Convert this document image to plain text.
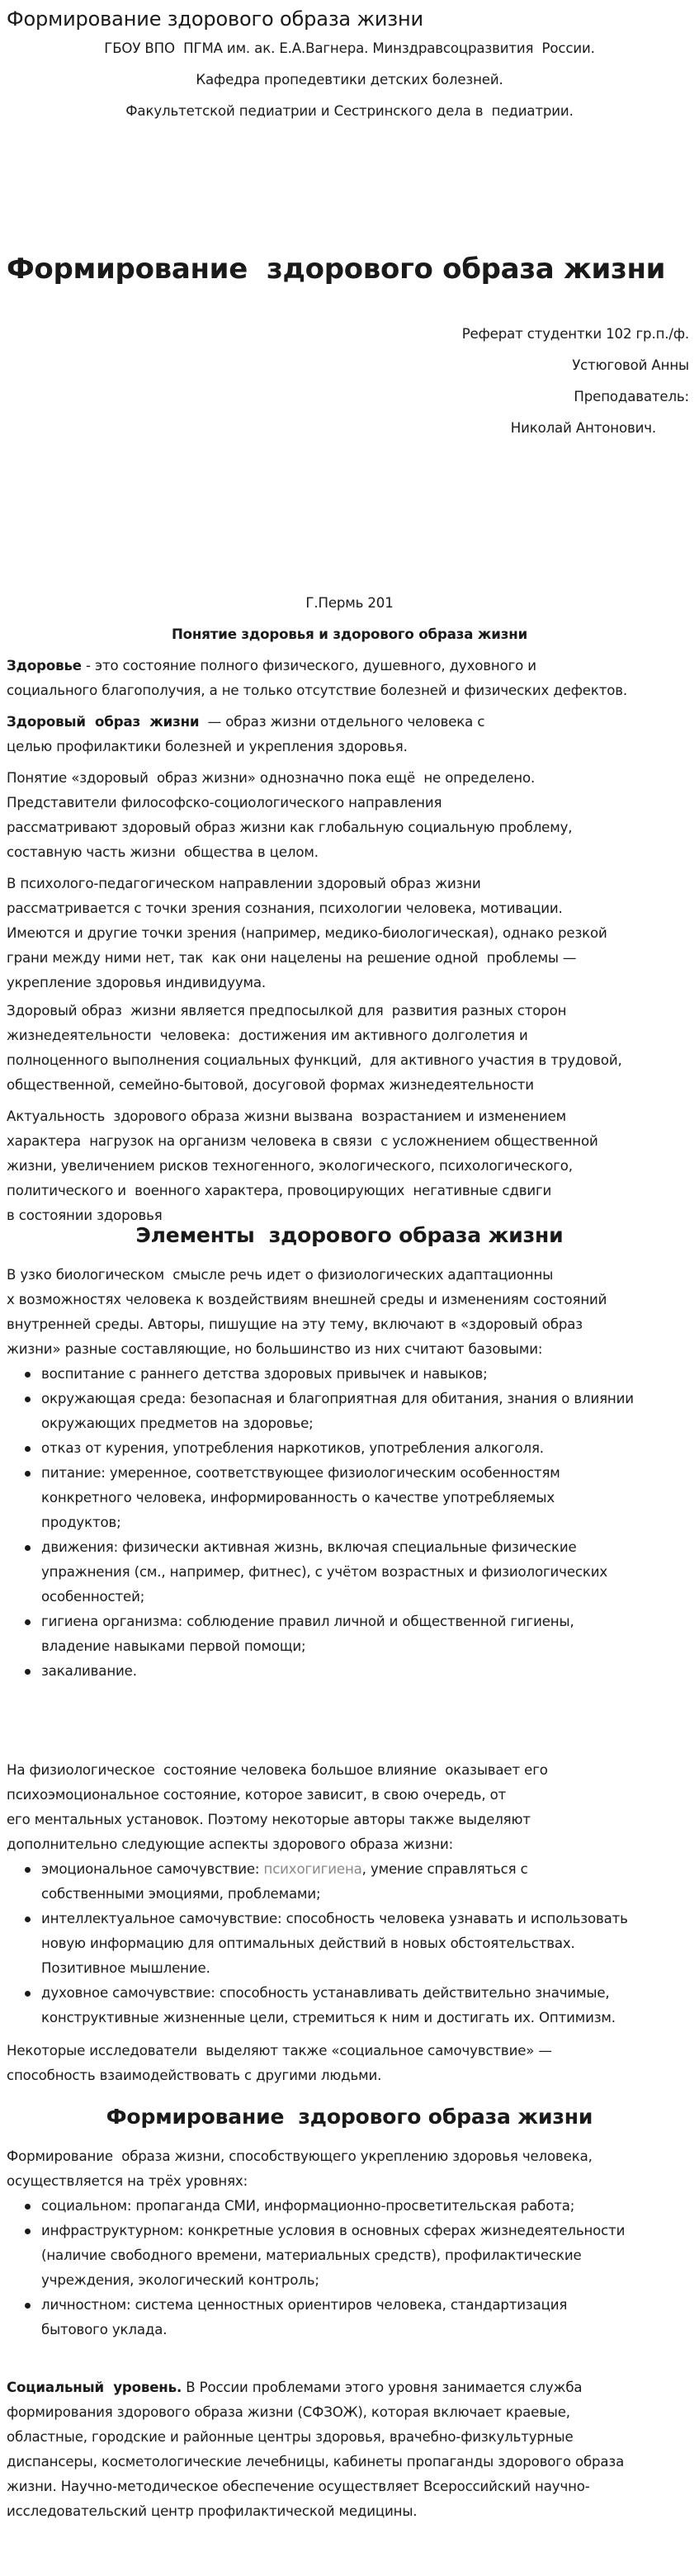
Формирование здорового образа жизни
ГБОУ ВПО  ПГМА им. ак. Е.А.Вагнера. Минздравсоцразвития  России.
Кафедра пропедевтики детских болезней.
Факультетской педиатрии и Сестринского дела в  педиатрии.
Формирование  здорового образа жизни
Реферат студентки 102 гр.п./ф.
Устюговой Анны
Преподаватель:
Николай Антонович.
Г.Пермь 201
Понятие здоровья и здорового образа жизни
Здоровье - это состояние полного физического, душевного, духовного и
социального благополучия, а не только отсутствие болезней и физических дефектов.
Здоровый  образ  жизни  — образ жизни отдельного человека с
целью профилактики болезней и укрепления здоровья.
Понятие «здоровый  образ жизни» однозначно пока ещё  не определено.
Представители философско-социологического направления
рассматривают здоровый образ жизни как глобальную социальную проблему,
составную часть жизни  общества в целом.
В психолого-педагогическом направлении здоровый образ жизни
рассматривается с точки зрения сознания, психологии человека, мотивации.
Имеются и другие точки зрения (например, медико-биологическая), однако резкой
грани между ними нет, так  как они нацелены на решение одной  проблемы —
укрепление здоровья индивидуума.
Здоровый образ  жизни является предпосылкой для  развития разных сторон
жизнедеятельности  человека:  достижения им активного долголетия и
полноценного выполнения социальных функций,  для активного участия в трудовой,
общественной, семейно-бытовой, досуговой формах жизнедеятельности
Актуальность  здорового образа жизни вызвана  возрастанием и изменением
характера  нагрузок на организм человека в связи  с усложнением общественной
жизни, увеличением рисков техногенного, экологического, психологического,
политического и  военного характера, провоцирующих  негативные сдвиги
в состоянии здоровья
Элементы  здорового образа жизни
В узко биологическом  смысле речь идет о физиологических адаптационны
х возможностях человека к воздействиям внешней среды и изменениям состояний
внутренней среды. Авторы, пишущие на эту тему, включают в «здоровый образ
жизни» разные составляющие, но большинство из них считают базовыми:
воспитание с раннего детства здоровых привычек и навыков;
окружающая среда: безопасная и благоприятная для обитания, знания о влиянии
окружающих предметов на здоровье;
отказ от курения, употребления наркотиков, употребления алкоголя.
питание: умеренное, соответствующее физиологическим особенностям
конкретного человека, информированность о качестве употребляемых
продуктов;
движения: физически активная жизнь, включая специальные физические
упражнения (см., например, фитнес), с учётом возрастных и физиологических
особенностей;
гигиена организма: соблюдение правил личной и общественной гигиены,
владение навыками первой помощи;
закаливание.
На физиологическое  состояние человека большое влияние  оказывает его
психоэмоциональное состояние, которое зависит, в свою очередь, от
его ментальных установок. Поэтому некоторые авторы также выделяют
дополнительно следующие аспекты здорового образа жизни:
эмоциональное самочувствие: психогигиена, умение справляться с
собственными эмоциями, проблемами;
интеллектуальное самочувствие: способность человека узнавать и использовать
новую информацию для оптимальных действий в новых обстоятельствах.
Позитивное мышление.
духовное самочувствие: способность устанавливать действительно значимые,
конструктивные жизненные цели, стремиться к ним и достигать их. Оптимизм.
Некоторые исследователи  выделяют также «социальное самочувствие» —
способность взаимодействовать с другими людьми.
Формирование  здорового образа жизни
Формирование  образа жизни, способствующего укреплению здоровья человека,
осуществляется на трёх уровнях:
социальном: пропаганда СМИ, информационно-просветительская работа;
инфраструктурном: конкретные условия в основных сферах жизнедеятельности
(наличие свободного времени, материальных средств), профилактические
учреждения, экологический контроль;
личностном: система ценностных ориентиров человека, стандартизация
бытового уклада.
Социальный  уровень. В России проблемами этого уровня занимается служба
формирования здорового образа жизни (СФЗОЖ), которая включает краевые,
областные, городские и районные центры здоровья, врачебно-физкультурные
диспансеры, косметологические лечебницы, кабинеты пропаганды здорового образа
жизни. Научно-методическое обеспечение осуществляет Всероссийский научно-
исследовательский центр профилактической медицины.
